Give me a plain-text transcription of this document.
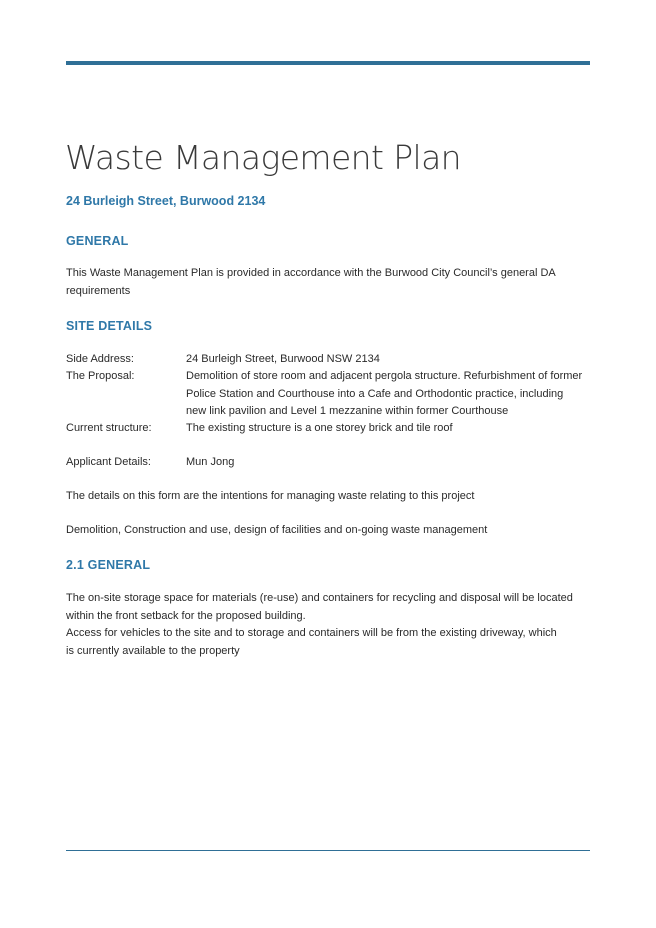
Waste Management Plan
24 Burleigh Street, Burwood 2134
GENERAL

This Waste Management Plan is provided in accordance with the Burwood City Council’s general DA requirements

SITE DETAILS
Side Address:	24 Burleigh Street, Burwood NSW 2134
The Proposal:	Demolition of store room and adjacent pergola structure. Refurbishment of former Police Station and Courthouse into a Cafe and Orthodontic practice, including new link pavilion and Level 1 mezzanine within former Courthouse
Current structure:	The existing structure is a one storey brick and tile roof
Applicant Details:	Mun Jong

The details on this form are the intentions for managing waste relating to this project

Demolition, Construction and use, design of facilities and on-going waste management

2.1 GENERAL

The on-site storage space for materials (re-use) and containers for recycling and disposal will be located within the front setback for the proposed building.

Access for vehicles to the site and to storage and containers will be from the existing driveway, which is currently available to the property
